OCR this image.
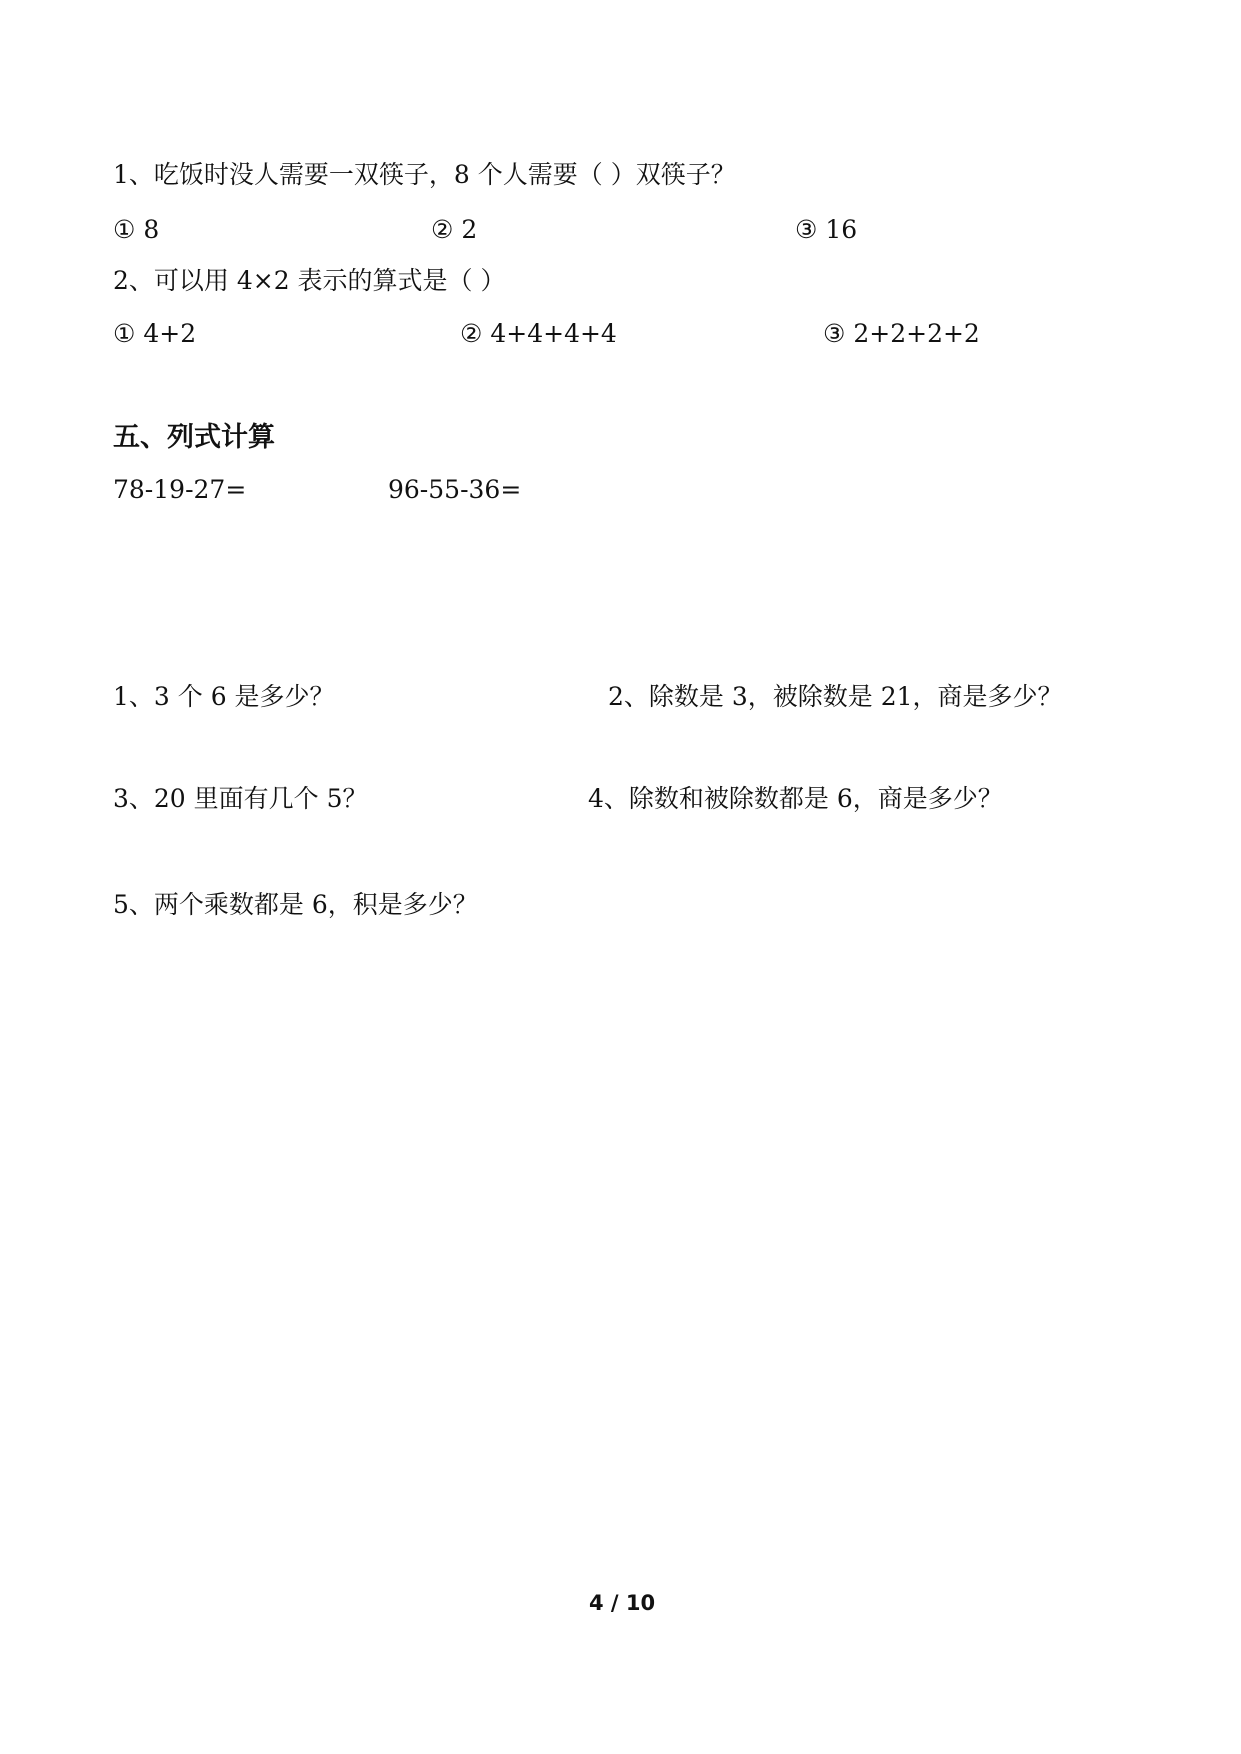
1、吃饭时没人需要一双筷子，8 个人需要（ ）双筷子？
① 8	② 2	③ 16
2、可以用 4×2 表示的算式是（ ）
① 4+2	② 4+4+4+4	③ 2+2+2+2
五、列式计算
78-19-27=	96-55-36=
1、3 个 6 是多少？	2、除数是 3，被除数是 21，商是多少？
3、20 里面有几个 5？	4、除数和被除数都是 6，商是多少？
5、两个乘数都是 6，积是多少？
4 / 10
